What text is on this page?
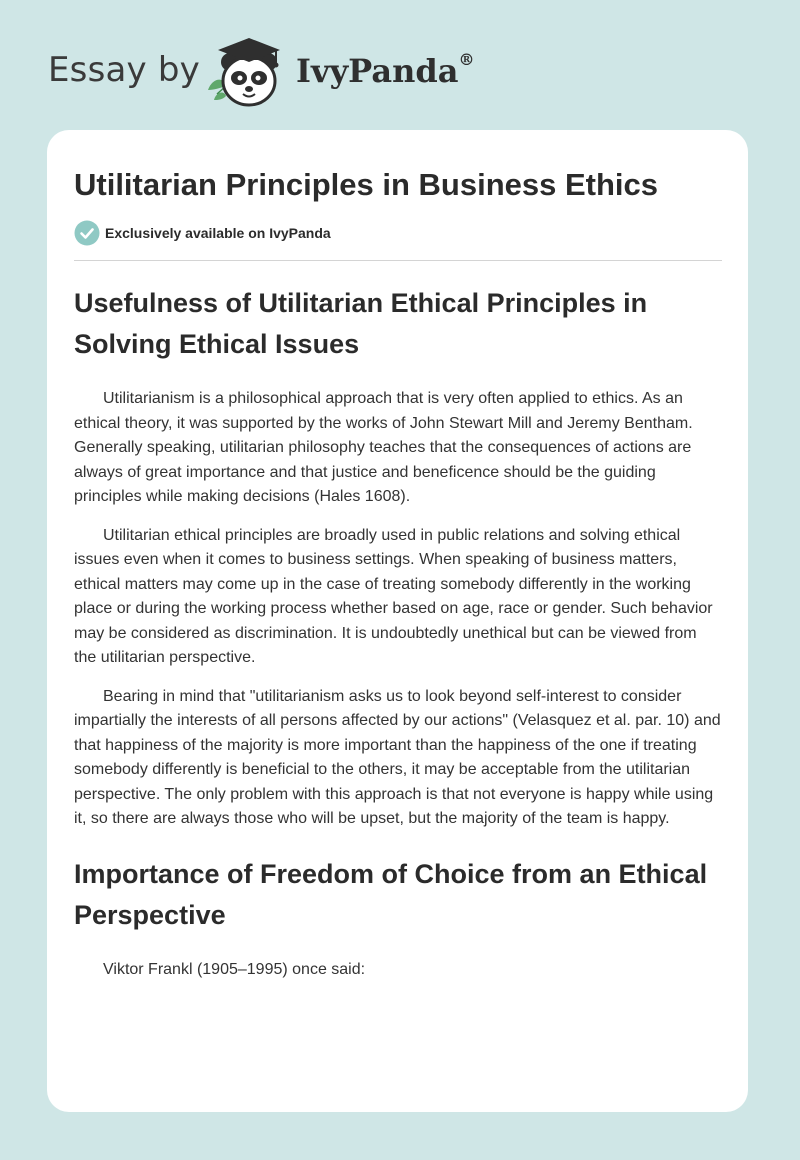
Essay by	IvyPanda®
Utilitarian Principles in Business Ethics
Exclusively available on IvyPanda
Usefulness of Utilitarian Ethical Principles in Solving Ethical Issues

Utilitarianism is a philosophical approach that is very often applied to ethics. As an ethical theory, it was supported by the works of John Stewart Mill and Jeremy Bentham. Generally speaking, utilitarian philosophy teaches that the consequences of actions are always of great importance and that justice and beneficence should be the guiding principles while making decisions (Hales 1608).

Utilitarian ethical principles are broadly used in public relations and solving ethical issues even when it comes to business settings. When speaking of business matters, ethical matters may come up in the case of treating somebody differently in the working place or during the working process whether based on age, race or gender. Such behavior may be considered as discrimination. It is undoubtedly unethical but can be viewed from the utilitarian perspective.

Bearing in mind that "utilitarianism asks us to look beyond self-interest to consider impartially the interests of all persons affected by our actions" (Velasquez et al. par. 10) and that happiness of the majority is more important than the happiness of the one if treating somebody differently is beneficial to the others, it may be acceptable from the utilitarian perspective. The only problem with this approach is that not everyone is happy while using it, so there are always those who will be upset, but the majority of the team is happy.

Importance of Freedom of Choice from an Ethical Perspective

Viktor Frankl (1905–1995) once said:
